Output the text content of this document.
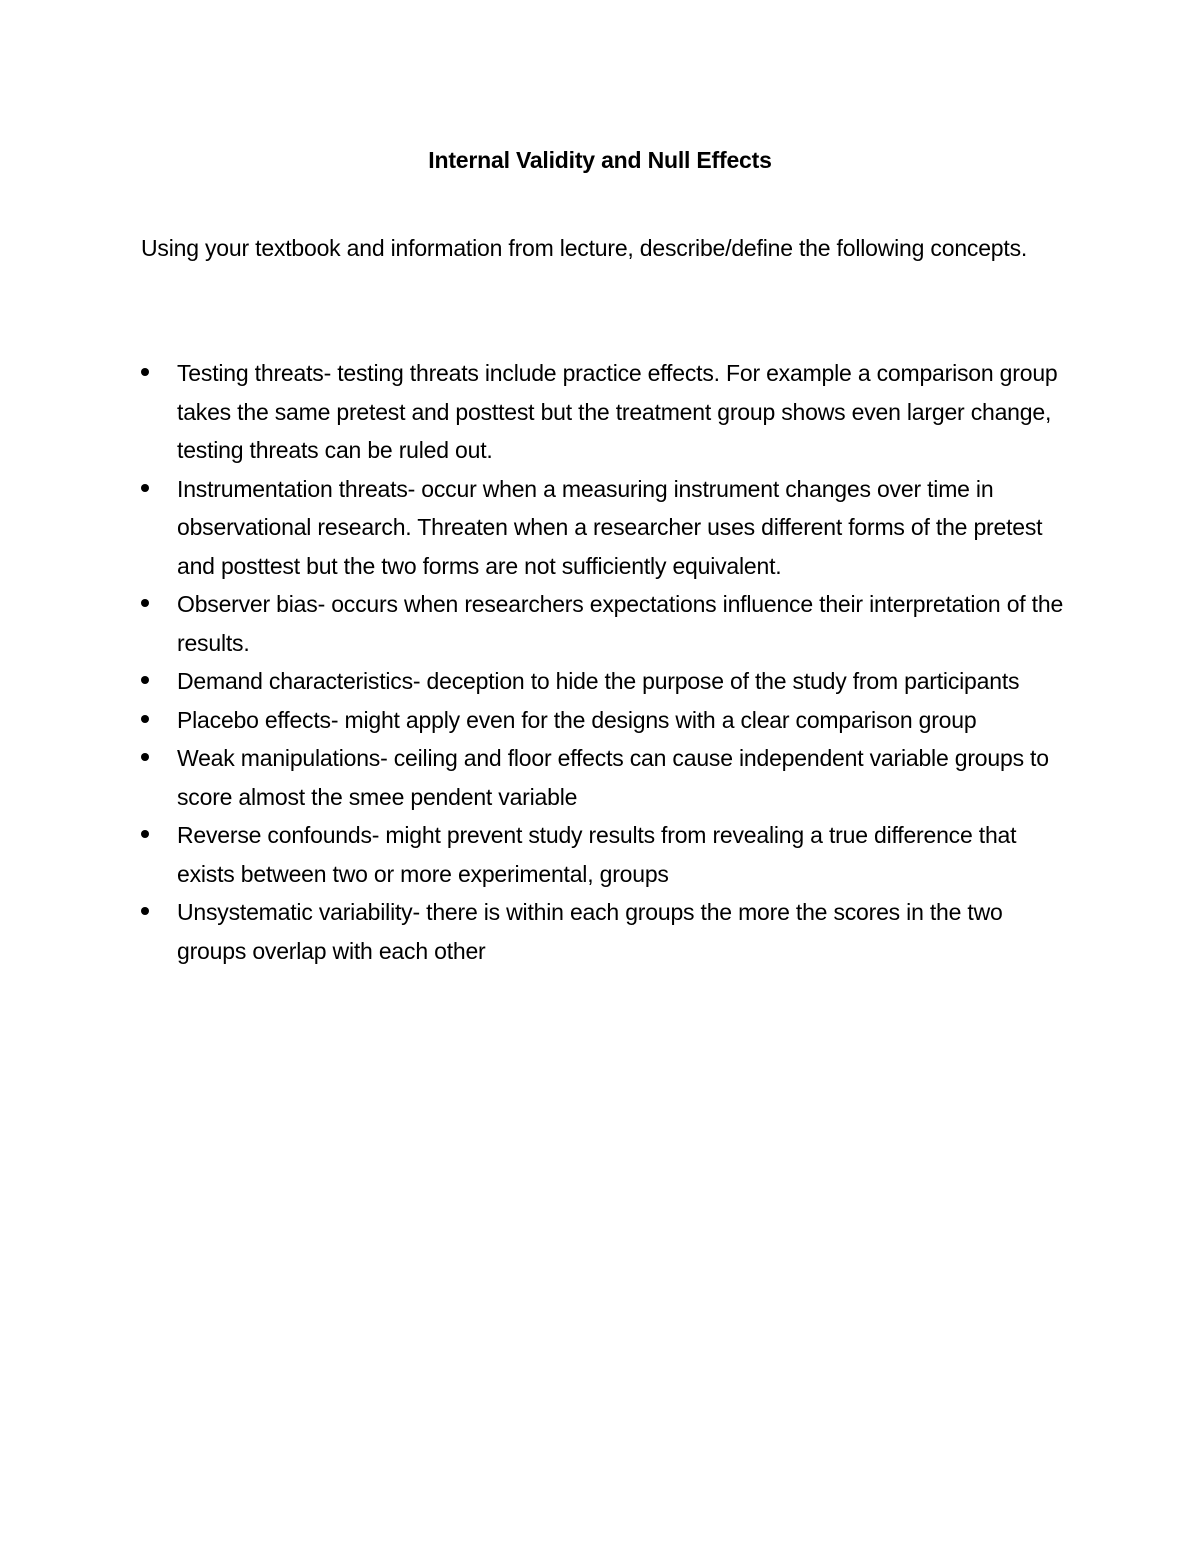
Internal Validity and Null Effects

Using your textbook and information from lecture, describe/define the following concepts.

Testing threats- testing threats include practice effects. For example a comparison group takes the same pretest and posttest but the treatment group shows even larger change, testing threats can be ruled out.
Instrumentation threats- occur when a measuring instrument changes over time in observational research. Threaten when a researcher uses different forms of the pretest and posttest but the two forms are not sufficiently equivalent.
Observer bias- occurs when researchers expectations influence their interpretation of the results.
Demand characteristics- deception to hide the purpose of the study from participants
Placebo effects- might apply even for the designs with a clear comparison group
Weak manipulations- ceiling and floor effects can cause independent variable groups to score almost the smee pendent variable
Reverse confounds- might prevent study results from revealing a true difference that exists between two or more experimental, groups
Unsystematic variability- there is within each groups the more the scores in the two groups overlap with each other
